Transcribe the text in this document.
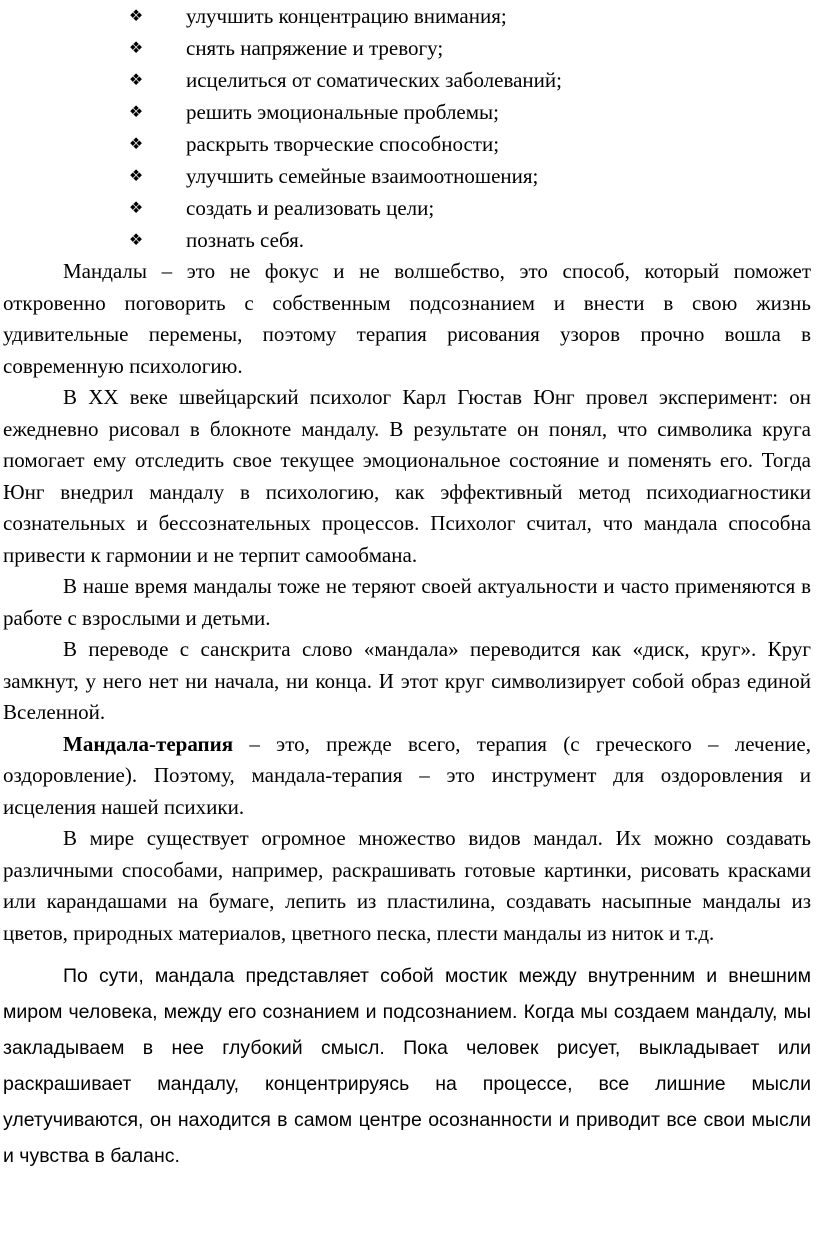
❖ улучшить концентрацию внимания;
❖ снять напряжение и тревогу;
❖ исцелиться от соматических заболеваний;
❖ решить эмоциональные проблемы;
❖ раскрыть творческие способности;
❖ улучшить семейные взаимоотношения;
❖ создать и реализовать цели;
❖ познать себя.

Мандалы – это не фокус и не волшебство, это способ, который поможет откровенно поговорить с собственным подсознанием и внести в свою жизнь удивительные перемены, поэтому терапия рисования узоров прочно вошла в современную психологию.

В XX веке швейцарский психолог Карл Гюстав Юнг провел эксперимент: он ежедневно рисовал в блокноте мандалу. В результате он понял, что символика круга помогает ему отследить свое текущее эмоциональное состояние и поменять его. Тогда Юнг внедрил мандалу в психологию, как эффективный метод психодиагностики сознательных и бессознательных процессов. Психолог считал, что мандала способна привести к гармонии и не терпит самообмана.

В наше время мандалы тоже не теряют своей актуальности и часто применяются в работе с взрослыми и детьми.

В переводе с санскрита слово «мандала» переводится как «диск, круг». Круг замкнут, у него нет ни начала, ни конца. И этот круг символизирует собой образ единой Вселенной.

Мандала-терапия – это, прежде всего, терапия (с греческого – лечение, оздоровление). Поэтому, мандала-терапия – это инструмент для оздоровления и исцеления нашей психики.

В мире существует огромное множество видов мандал. Их можно создавать различными способами, например, раскрашивать готовые картинки, рисовать красками или карандашами на бумаге, лепить из пластилина, создавать насыпные мандалы из цветов, природных материалов, цветного песка, плести мандалы из ниток и т.д.

По сути, мандала представляет собой мостик между внутренним и внешним миром человека, между его сознанием и подсознанием. Когда мы создаем мандалу, мы закладываем в нее глубокий смысл. Пока человек рисует, выкладывает или раскрашивает мандалу, концентрируясь на процессе, все лишние мысли улетучиваются, он находится в самом центре осознанности и приводит все свои мысли и чувства в баланс.
